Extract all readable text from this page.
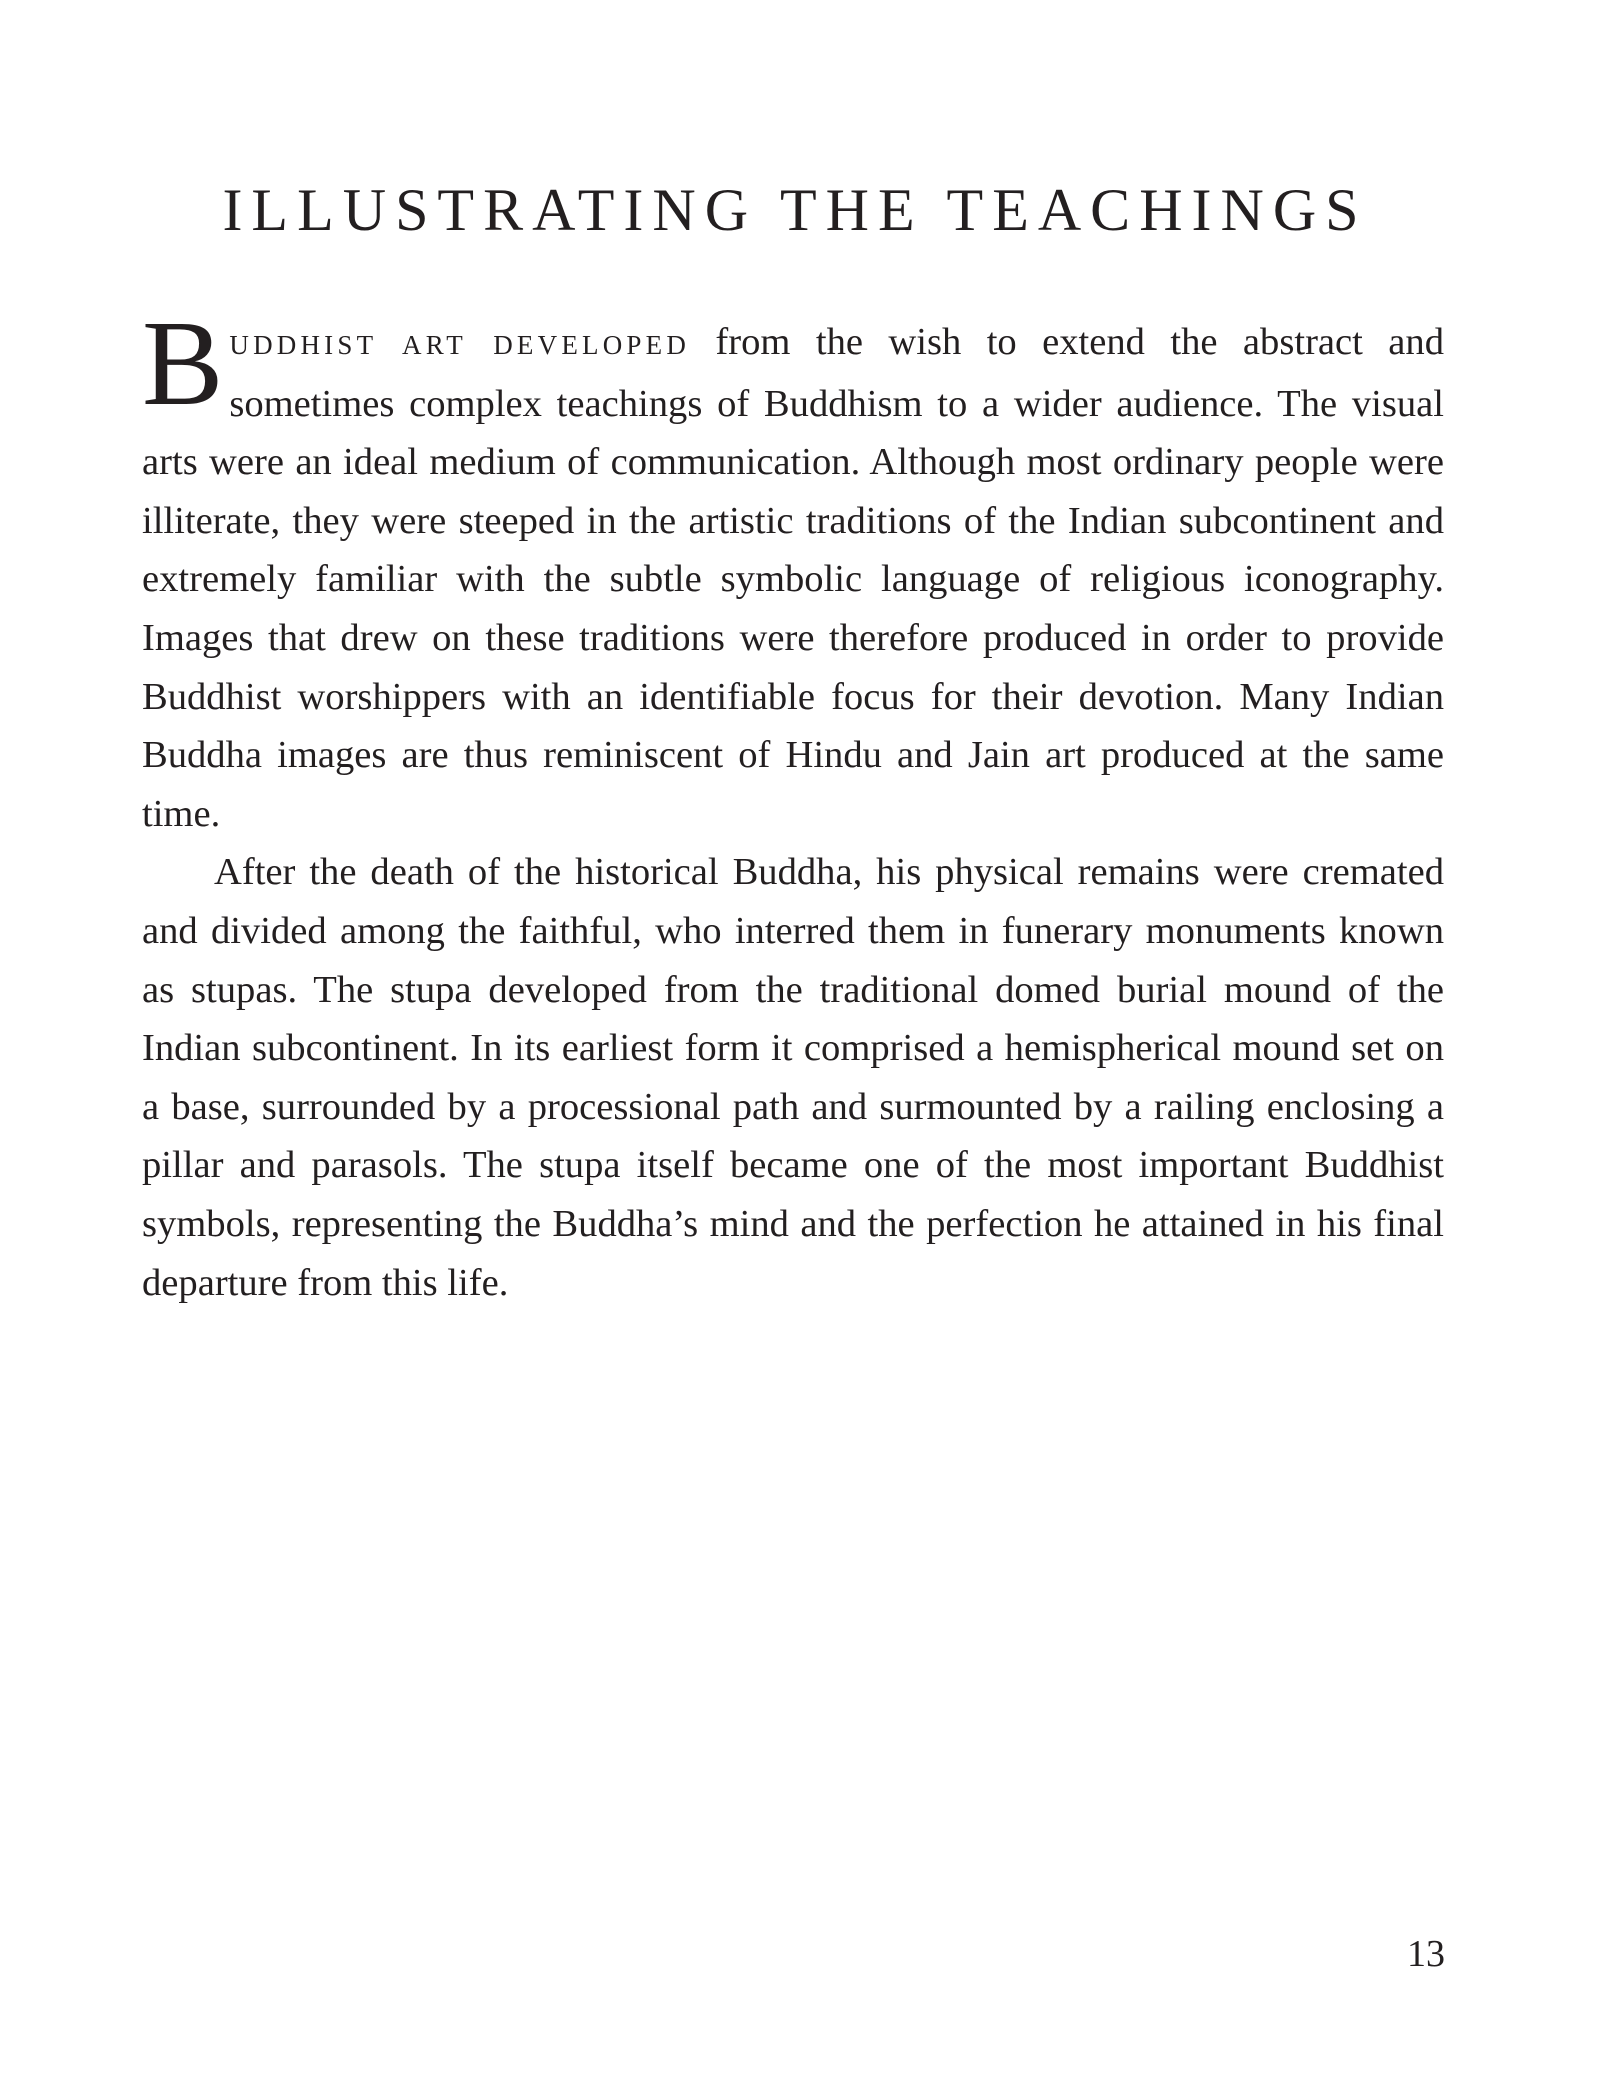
ILLUSTRATING THE TEACHINGS

BUDDHIST ART DEVELOPED from the wish to extend the abstract and sometimes complex teachings of Buddhism to a wider audience. The visual arts were an ideal medium of communication. Although most ordinary people were illiterate, they were steeped in the artistic traditions of the Indian subcontinent and extremely familiar with the subtle symbolic language of religious iconography. Images that drew on these traditions were therefore produced in order to provide Buddhist worshippers with an identifiable focus for their devotion. Many Indian Buddha images are thus reminiscent of Hindu and Jain art produced at the same time.

After the death of the historical Buddha, his physical remains were cremated and divided among the faithful, who interred them in funerary monuments known as stupas. The stupa developed from the traditional domed burial mound of the Indian subcontinent. In its earliest form it comprised a hemispherical mound set on a base, surrounded by a processional path and surmounted by a railing enclosing a pillar and parasols. The stupa itself became one of the most important Buddhist symbols, representing the Buddha’s mind and the perfection he attained in his final departure from this life.

13
